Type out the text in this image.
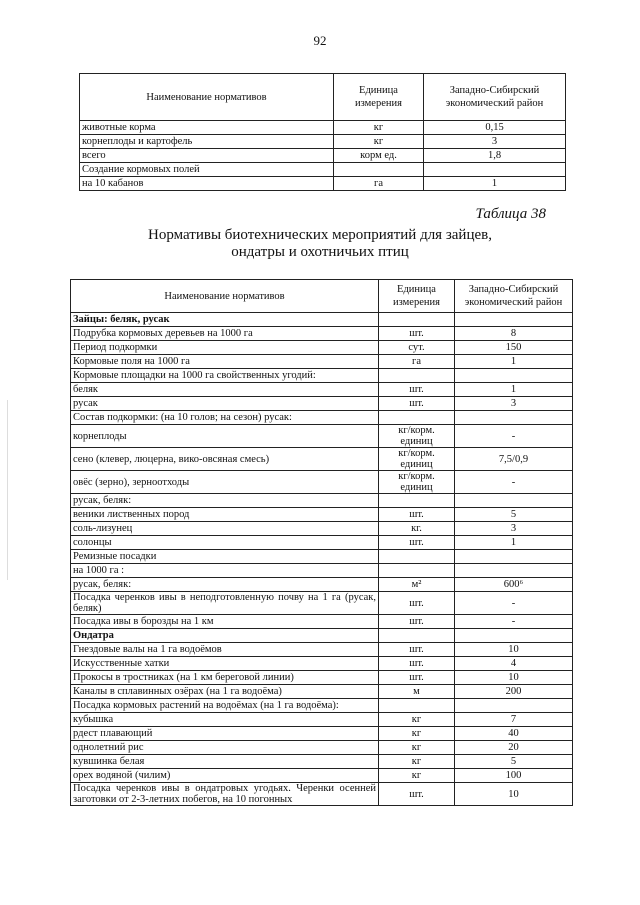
92
Наименование нормативов	Единица измерения	Западно-Сибирский экономический район
животные корма	кг	0,15
корнеплоды и картофель	кг	3
всего	корм ед.	1,8
Создание кормовых полей		
на 10 кабанов	га	1
Таблица 38
Нормативы биотехнических мероприятий для зайцев, ондатры и охотничьих птиц
Наименование нормативов	Единица измерения	Западно-Сибирский экономический район
Зайцы: беляк, русак		
Подрубка кормовых деревьев на 1000 га	шт.	8
Период подкормки	сут.	150
Кормовые поля на 1000 га	га	1
Кормовые площадки на 1000 га свойственных угодий:		
беляк	шт.	1
русак	шт.	3
Состав подкормки: (на 10 голов; на сезон) русак:		
корнеплоды	кг/корм. единиц	-
сено (клевер, люцерна, вико-овсяная смесь)	кг/корм. единиц	7,5/0,9
овёс (зерно), зерноотходы	кг/корм. единиц	-
русак, беляк:		
веники лиственных пород	шт.	5
соль-лизунец	кг.	3
солонцы	шт.	1
Ремизные посадки		
на 1000 га :		
русак, беляк:	м²	600⁶
Посадка черенков ивы в неподготовленную почву на 1 га (русак, беляк)	шт.	-
Посадка ивы в борозды на 1 км	шт.	-
Ондатра		
Гнездовые валы на 1 га водоёмов	шт.	10
Искусственные хатки	шт.	4
Прокосы в тростниках (на 1 км береговой линии)	шт.	10
Каналы в сплавинных озёрах (на 1 га водоёма)	м	200
Посадка кормовых растений на водоёмах (на 1 га водоёма):		
кубышка	кг	7
рдест плавающий	кг	40
однолетний рис	кг	20
кувшинка белая	кг	5
орех водяной (чилим)	кг	100
Посадка черенков ивы в ондатровых угодьях. Черенки осенней заготовки от 2-3-летних побегов, на 10 погонных	шт.	10
